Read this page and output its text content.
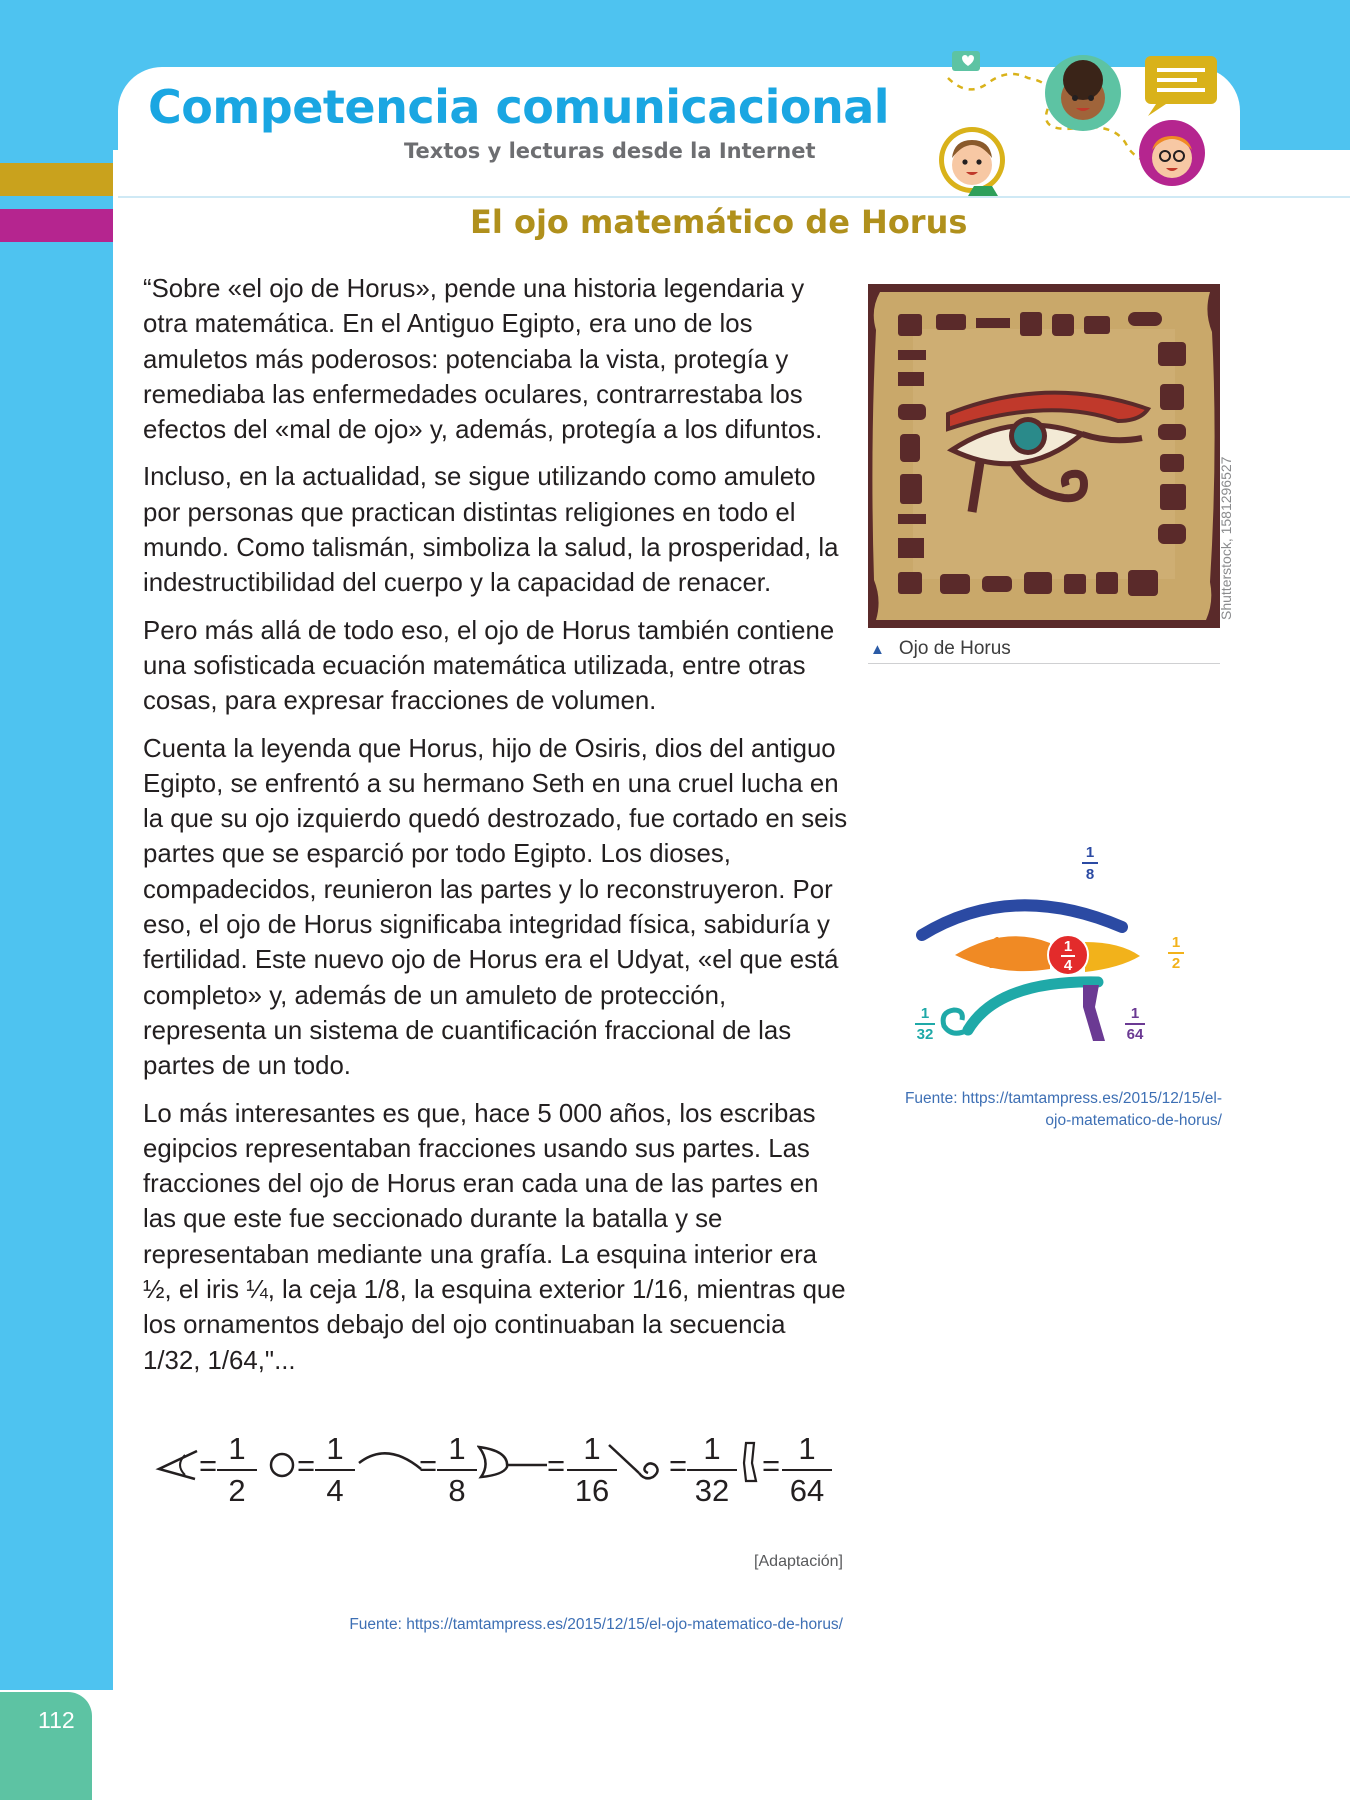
Competencia comunicacional
Textos y lecturas desde la Internet
El ojo matemático de Horus

“Sobre «el ojo de Horus», pende una historia legendaria y otra matemática. En el Antiguo Egipto, era uno de los amuletos más poderosos: potenciaba la vista, protegía y remediaba las enfermedades oculares, contrarrestaba los efectos del «mal de ojo» y, además, protegía a los difuntos.

Incluso, en la actualidad, se sigue utilizando como amuleto por personas que practican distintas religiones en todo el mundo. Como talismán, simboliza la salud, la prosperidad, la indestructibilidad del cuerpo y la capacidad de renacer.

Pero más allá de todo eso, el ojo de Horus también contiene una sofisticada ecuación matemática utilizada, entre otras cosas, para expresar fracciones de volumen.

Cuenta la leyenda que Horus, hijo de Osiris, dios del antiguo Egipto, se enfrentó a su hermano Seth en una cruel lucha en la que su ojo izquierdo quedó destrozado, fue cortado en seis partes que se esparció por todo Egipto. Los dioses, compadecidos, reunieron las partes y lo reconstruyeron. Por eso, el ojo de Horus significaba integridad física, sabiduría y fertilidad. Este nuevo ojo de Horus era el Udyat, «el que está completo» y, además de un amuleto de protección, representa un sistema de cuantificación fraccional de las partes de un todo.

Lo más interesantes es que, hace 5 000 años, los escribas egipcios representaban fracciones usando sus partes. Las fracciones del ojo de Horus eran cada una de las partes en las que este fue seccionado durante la batalla y se representaban mediante una grafía. La esquina interior era ½, el iris ¼, la ceja 1/8, la esquina exterior 1/16, mientras que los ornamentos debajo del ojo continuaban la secuencia 1/32, 1/64,"...

= 1
2
= 1
4
= 1
8
= 1
16
= 1
32
= 1
64
[Adaptación]
Fuente: https://tamtampress.es/2015/12/15/el-ojo-matematico-de-horus/
Shutterstock, 1581296527
▲ Ojo de Horus
1
8
1
16
1
4
1
2
1
32
1
64
Fuente: https://tamtampress.es/2015/12/15/el-
ojo-matematico-de-horus/
112
